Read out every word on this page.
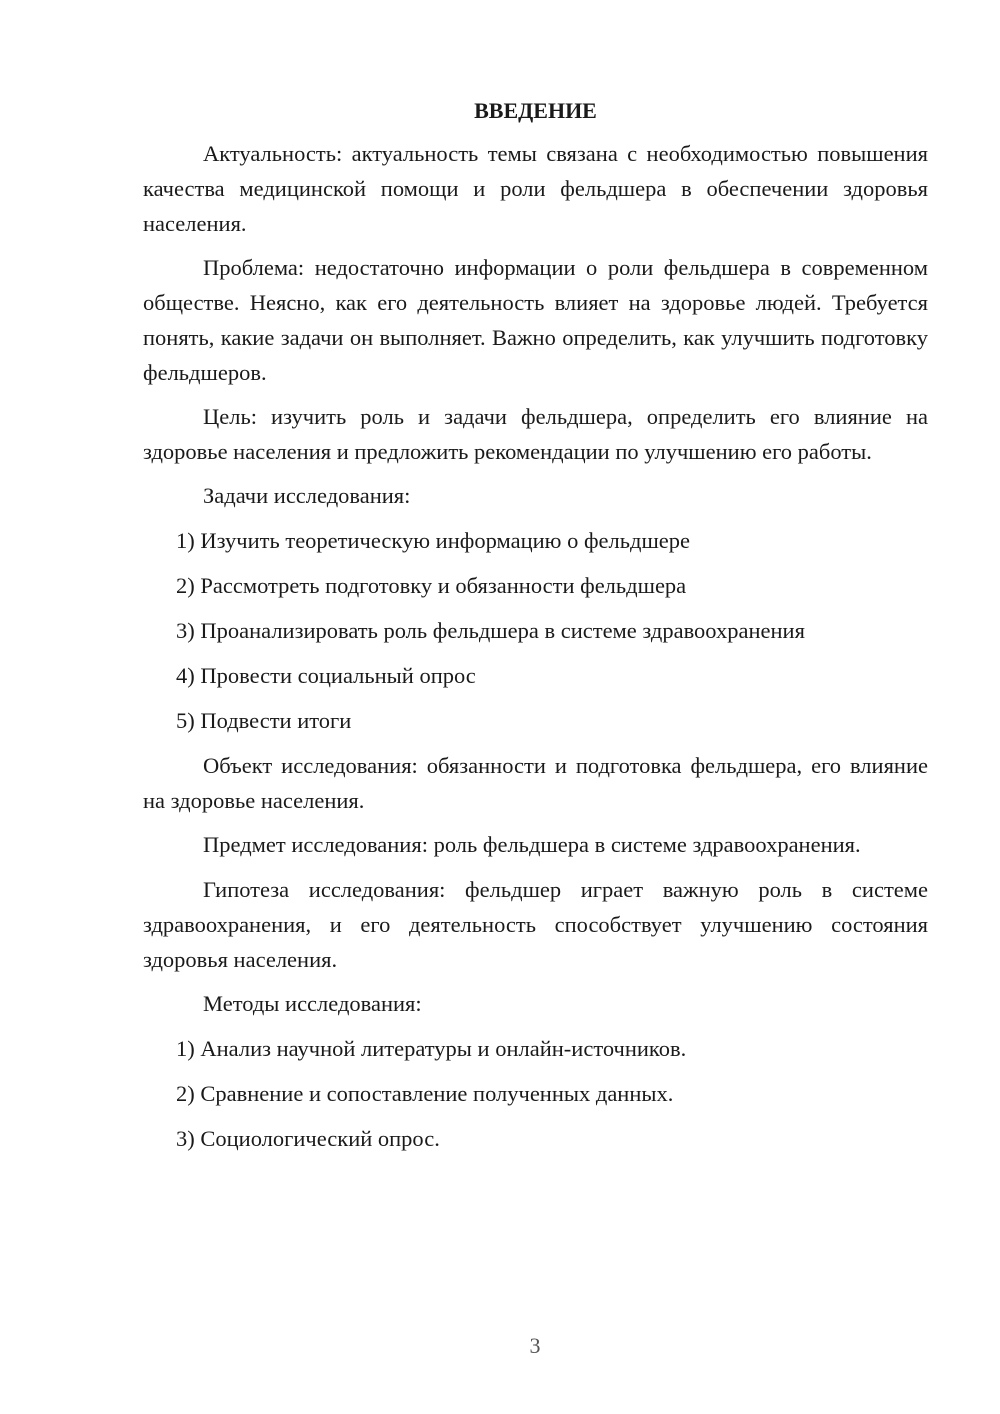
ВВЕДЕНИЕ

Актуальность: актуальность темы связана с необходимостью повышения качества медицинской помощи и роли фельдшера в обеспечении здоровья населения.

Проблема: недостаточно информации о роли фельдшера в современном обществе. Неясно, как его деятельность влияет на здоровье людей. Требуется понять, какие задачи он выполняет. Важно определить, как улучшить подготовку фельдшеров.

Цель: изучить роль и задачи фельдшера, определить его влияние на здоровье населения и предложить рекомендации по улучшению его работы.

Задачи исследования:

1) Изучить теоретическую информацию о фельдшере
2) Рассмотреть подготовку и обязанности фельдшера
3) Проанализировать роль фельдшера в системе здравоохранения
4) Провести социальный опрос
5) Подвести итоги

Объект исследования: обязанности и подготовка фельдшера, его влияние на здоровье населения.

Предмет исследования: роль фельдшера в системе здравоохранения.

Гипотеза исследования: фельдшер играет важную роль в системе здравоохранения, и его деятельность способствует улучшению состояния здоровья населения.

Методы исследования:

1) Анализ научной литературы и онлайн-источников.
2) Сравнение и сопоставление полученных данных.
3) Социологический опрос.
3
